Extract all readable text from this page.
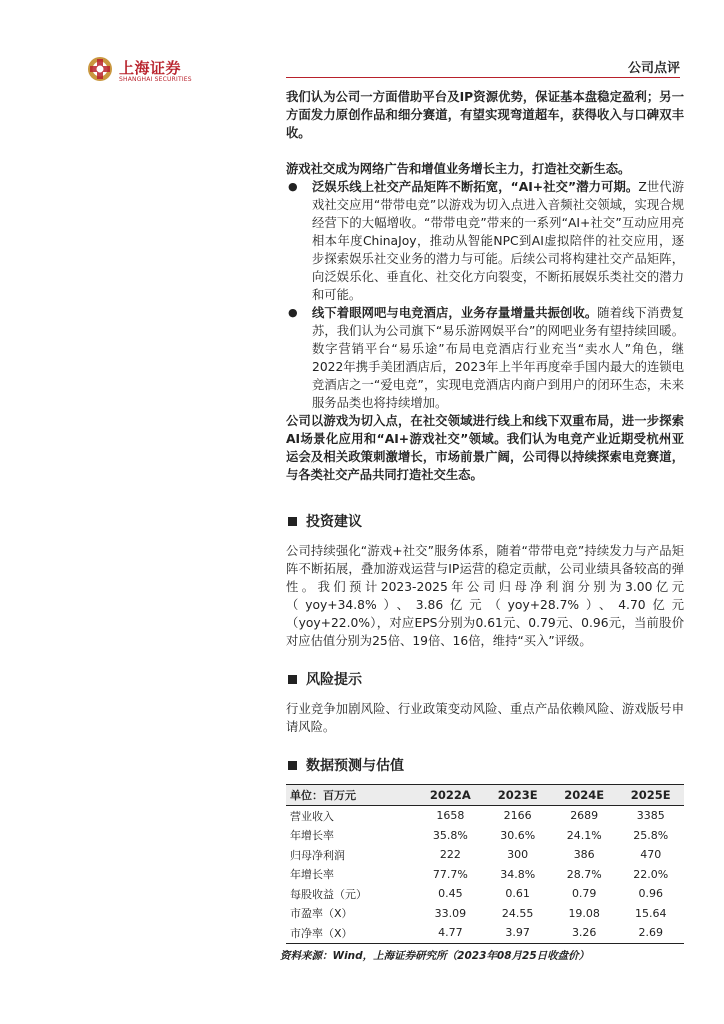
上海证券
SHANGHAI SECURITIES
公司点评

我们认为公司一方面借助平台及IP资源优势，保证基本盘稳定盈利；另一方面发力原创作品和细分赛道，有望实现弯道超车，获得收入与口碑双丰收。

游戏社交成为网络广告和增值业务增长主力，打造社交新生态。

● 泛娱乐线上社交产品矩阵不断拓宽，“AI+社交”潜力可期。Z世代游戏社交应用“带带电竞”以游戏为切入点进入音频社交领域，实现合规经营下的大幅增收。“带带电竞”带来的一系列“AI+社交”互动应用亮相本年度ChinaJoy，推动从智能NPC到AI虚拟陪伴的社交应用，逐步探索娱乐社交业务的潜力与可能。后续公司将构建社交产品矩阵，向泛娱乐化、垂直化、社交化方向裂变，不断拓展娱乐类社交的潜力和可能。

● 线下着眼网吧与电竞酒店，业务存量增量共振创收。随着线下消费复苏，我们认为公司旗下“易乐游网娱平台”的网吧业务有望持续回暖。数字营销平台“易乐途”布局电竞酒店行业充当“卖水人”角色，继2022年携手美团酒店后，2023年上半年再度牵手国内最大的连锁电竞酒店之一“爱电竞”，实现电竞酒店内商户到用户的闭环生态，未来服务品类也将持续增加。

公司以游戏为切入点，在社交领域进行线上和线下双重布局，进一步探索AI场景化应用和“AI+游戏社交”领域。我们认为电竞产业近期受杭州亚运会及相关政策刺激增长，市场前景广阔，公司得以持续探索电竞赛道，与各类社交产品共同打造社交生态。

投资建议

公司持续强化“游戏+社交”服务体系，随着“带带电竞”持续发力与产品矩阵不断拓展，叠加游戏运营与IP运营的稳定贡献，公司业绩具备较高的弹性。我们预计2023-2025年公司归母净利润分别为3.00亿元（yoy+34.8%）、3.86亿元（yoy+28.7%）、4.70亿元（yoy+22.0%），对应EPS分别为0.61元、0.79元、0.96元，当前股价对应估值分别为25倍、19倍、16倍，维持“买入”评级。

风险提示

行业竞争加剧风险、行业政策变动风险、重点产品依赖风险、游戏版号申请风险。

数据预测与估值
单位：百万元	2022A	2023E	2024E	2025E
营业收入	1658	2166	2689	3385
年增长率	35.8%	30.6%	24.1%	25.8%
归母净利润	222	300	386	470
年增长率	77.7%	34.8%	28.7%	22.0%
每股收益（元）	0.45	0.61	0.79	0.96
市盈率（X）	33.09	24.55	19.08	15.64
市净率（X）	4.77	3.97	3.26	2.69
资料来源：Wind，上海证券研究所（2023年08月25日收盘价）
